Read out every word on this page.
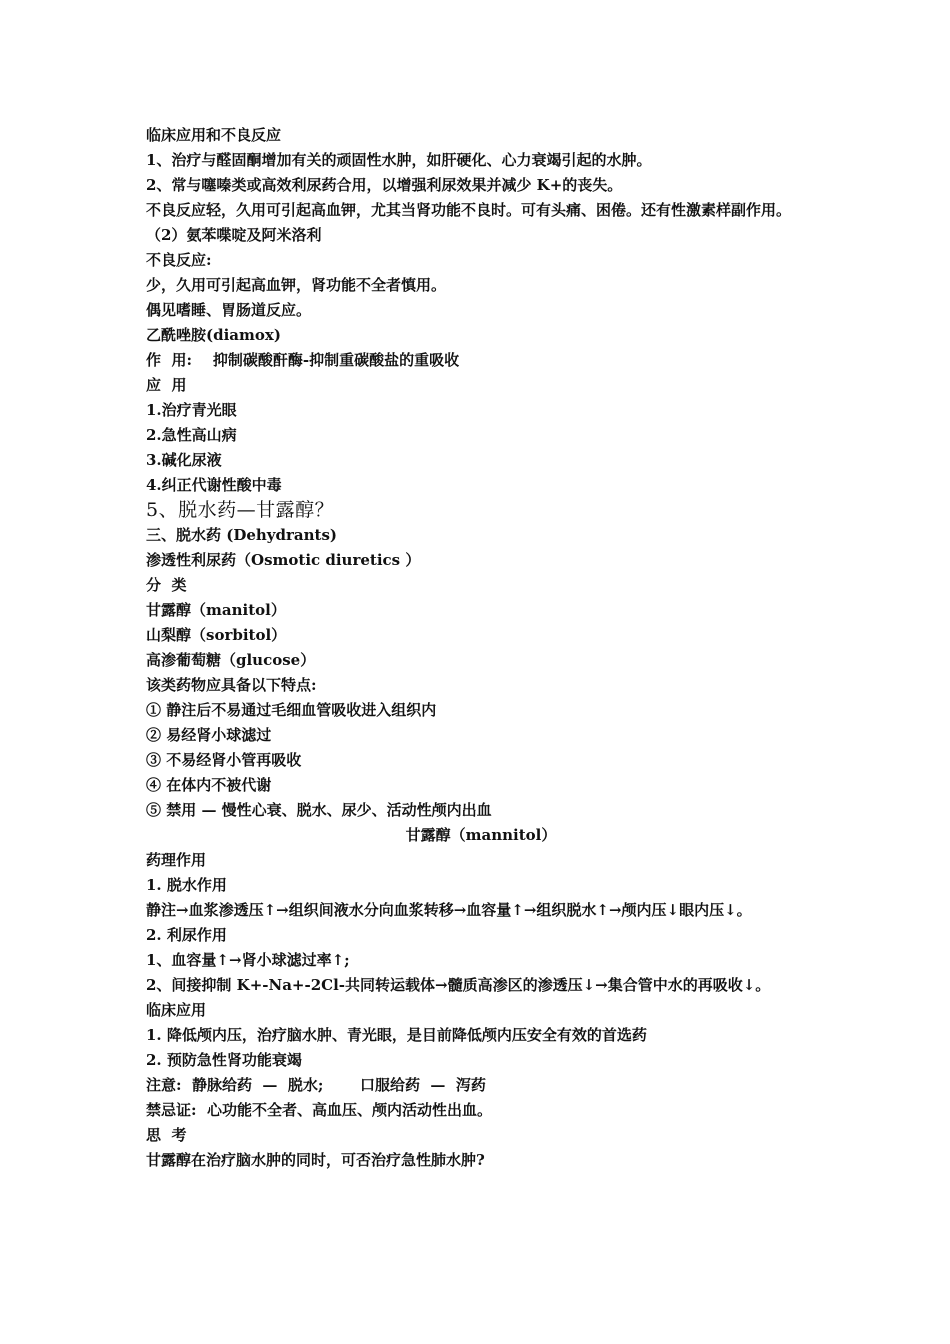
临床应用和不良反应
1、治疗与醛固酮增加有关的顽固性水肿，如肝硬化、心力衰竭引起的水肿。
2、常与噻嗪类或高效利尿药合用，以增强利尿效果并减少 K+的丧失。
不良反应轻，久用可引起高血钾，尤其当肾功能不良时。可有头痛、困倦。还有性激素样副作用。
（2）氨苯喋啶及阿米洛利
不良反应:
少，久用可引起高血钾，肾功能不全者慎用。
偶见嗜睡、胃肠道反应。
乙酰唑胺(diamox)
作  用:    抑制碳酸酐酶-抑制重碳酸盐的重吸收
应  用
1.治疗青光眼
2.急性高山病
3.碱化尿液
4.纠正代谢性酸中毒
5、脱水药—甘露醇？
三、脱水药 (Dehydrants)
渗透性利尿药（Osmotic diuretics ）
分  类
甘露醇（manitol）
山梨醇（sorbitol）
高渗葡萄糖（glucose）
该类药物应具备以下特点:
① 静注后不易通过毛细血管吸收进入组织内
② 易经肾小球滤过
③ 不易经肾小管再吸收
④ 在体内不被代谢
⑤ 禁用 — 慢性心衰、脱水、尿少、活动性颅内出血
甘露醇（mannitol）
药理作用
1. 脱水作用
静注→血浆渗透压↑→组织间液水分向血浆转移→血容量↑→组织脱水↑→颅内压↓眼内压↓。
2. 利尿作用
1、血容量↑→肾小球滤过率↑;
2、间接抑制 K+-Na+-2Cl-共同转运载体→髓质高渗区的渗透压↓→集合管中水的再吸收↓。
临床应用
1. 降低颅内压，治疗脑水肿、青光眼，是目前降低颅内压安全有效的首选药
2. 预防急性肾功能衰竭
注意:  静脉给药  —  脱水;       口服给药  —  泻药
禁忌证:  心功能不全者、高血压、颅内活动性出血。
思  考
甘露醇在治疗脑水肿的同时，可否治疗急性肺水肿?
